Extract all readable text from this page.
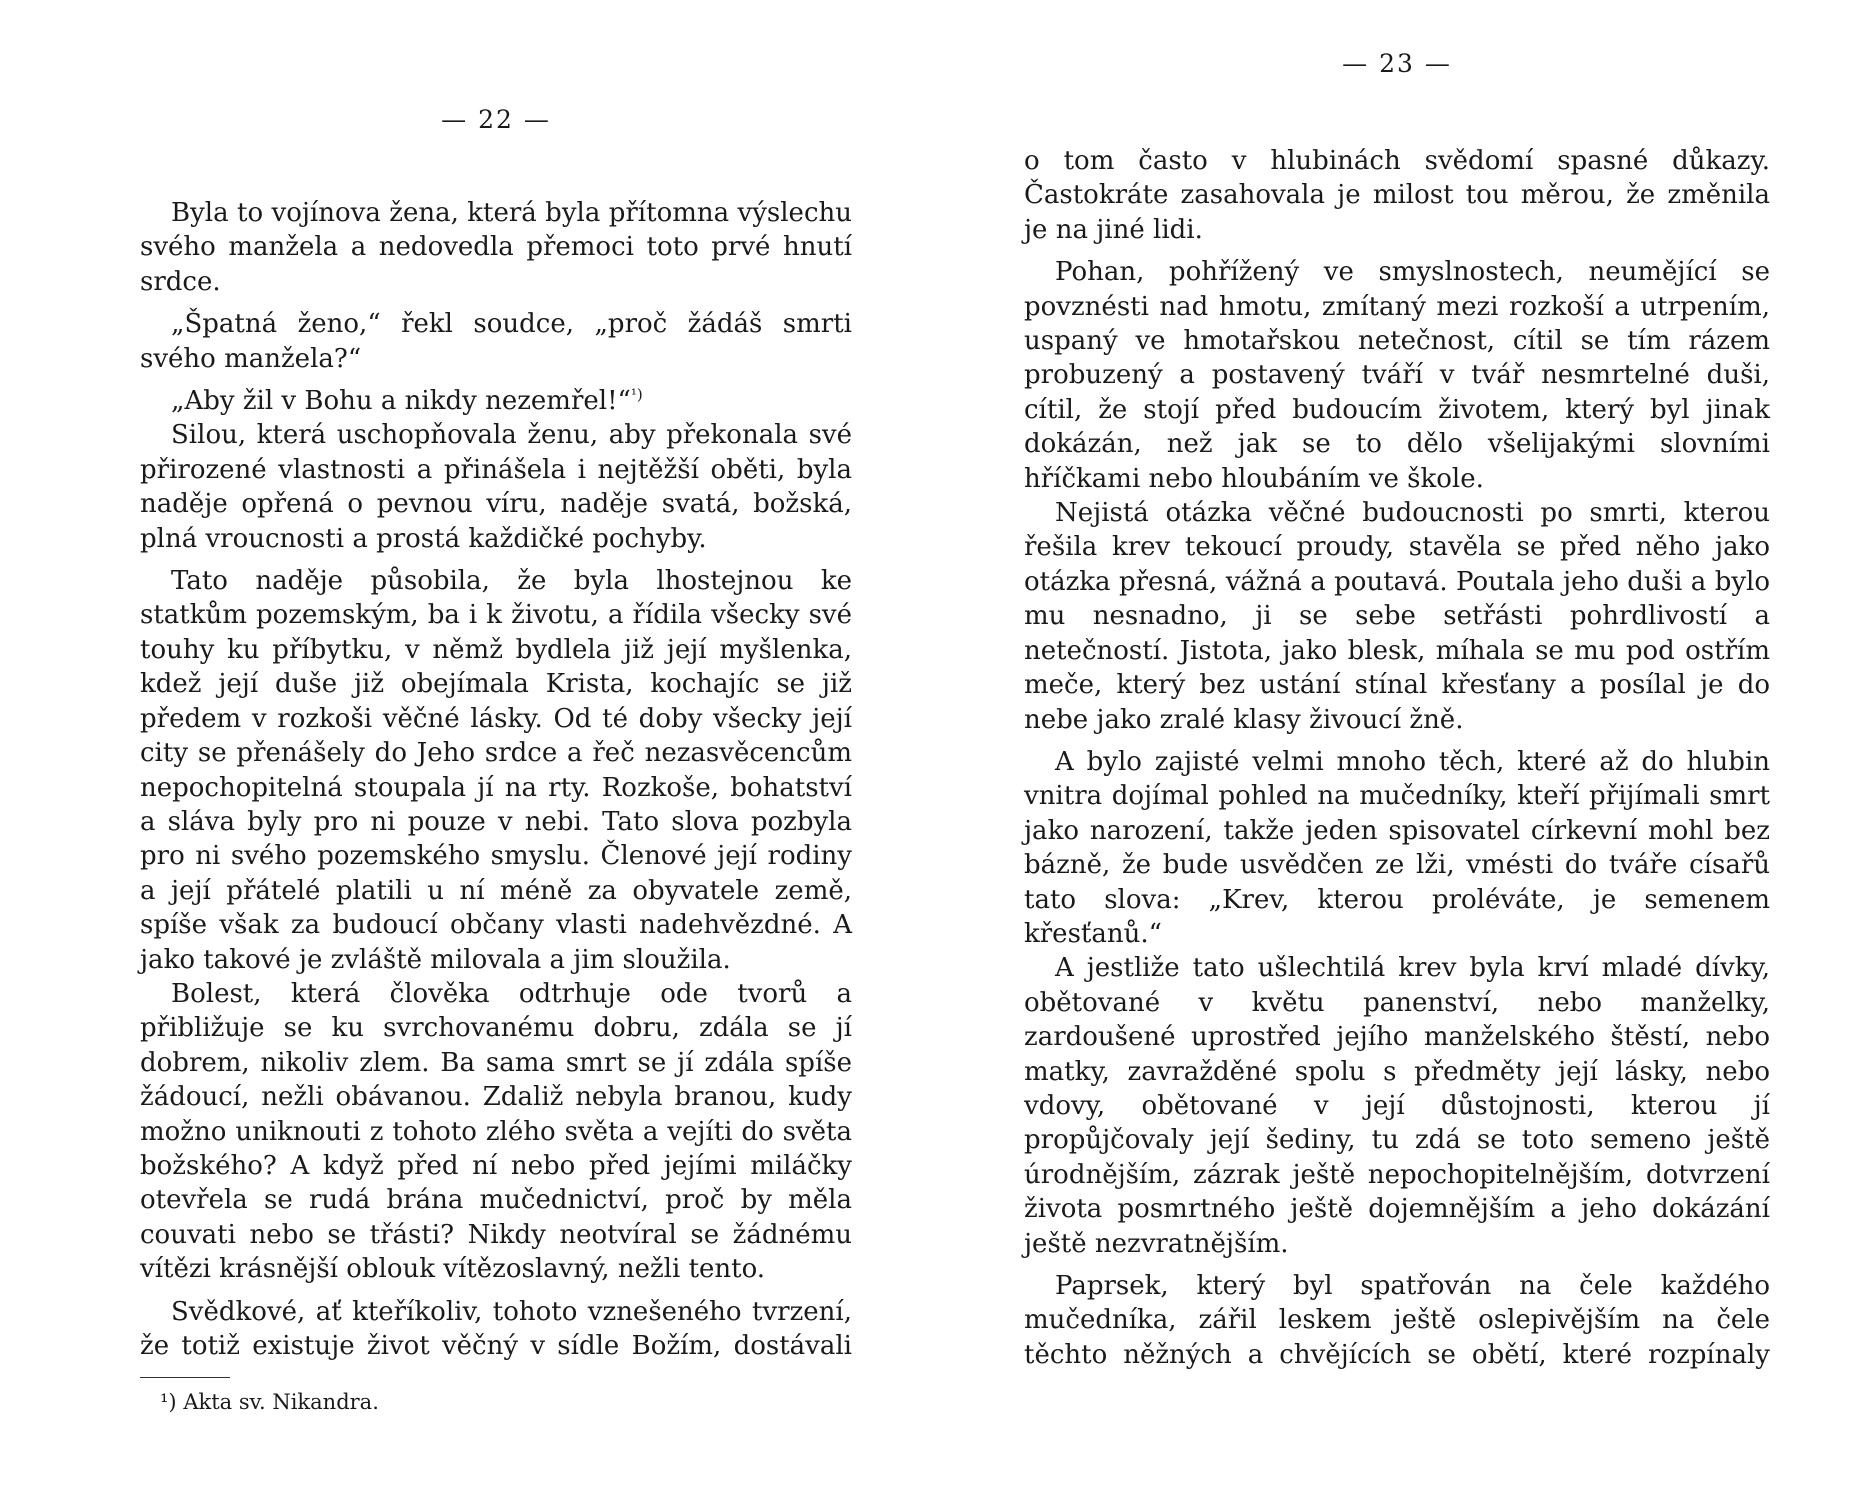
— 22 —

Byla to vojínova žena, která byla přítomna výslechu svého manžela a nedovedla přemoci toto prvé hnutí srdce.

„Špatná ženo,“ řekl soudce, „proč žádáš smrti svého manžela?“

„Aby žil v Bohu a nikdy nezemřel!“$^{^1)}$

Silou, která uschopňovala ženu, aby překonala své přirozené vlastnosti a přinášela i nejtěžší oběti, byla naděje opřená o pevnou víru, naděje svatá, božská, plná vroucnosti a prostá každičké pochyby.

Tato naděje působila, že byla lhostejnou ke statkům pozemským, ba i k životu, a řídila všecky své touhy ku příbytku, v němž bydlela již její myšlenka, kdež její duše již obejímala Krista, kochajíc se již předem v rozkoši věčné lásky. Od té doby všecky její city se přenášely do Jeho srdce a řeč nezasvěcencům nepochopitelná stoupala jí na rty. Rozkoše, bohatství a sláva byly pro ni pouze v nebi. Tato slova pozbyla pro ni svého pozemského smyslu. Členové její rodiny a její přátelé platili u ní méně za obyvatele země, spíše však za budoucí občany vlasti nadehvězdné. A jako takové je zvláště milovala a jim sloužila.

Bolest, která člověka odtrhuje ode tvorů a přibližuje se ku svrchovanému dobru, zdála se jí dobrem, nikoliv zlem. Ba sama smrt se jí zdála spíše žádoucí, nežli obávanou. Zdaliž nebyla branou, kudy možno uniknouti z tohoto zlého světa a vejíti do světa božského? A když před ní nebo před jejími miláčky otevřela se rudá brána mučednictví, proč by měla couvati nebo se třásti? Nikdy neotvíral se žádnému vítězi krásnější oblouk vítězoslavný, nežli tento.

Svědkové, ať kteříkoliv, tohoto vznešeného tvrzení, že totiž existuje život věčný v sídle Božím, dostávali

¹) Akta sv. Nikandra.
— 23 —

o tom často v hlubinách svědomí spasné důkazy. Častokráte zasahovala je milost tou měrou, že změnila je na jiné lidi.

Pohan, pohřížený ve smyslnostech, neumějící se povznésti nad hmotu, zmítaný mezi rozkoší a utrpením, uspaný ve hmotařskou netečnost, cítil se tím rázem probuzený a postavený tváří v tvář nesmrtelné duši, cítil, že stojí před budoucím životem, který byl jinak dokázán, než jak se to dělo všelijakými slovními hříčkami nebo hloubáním ve škole.

Nejistá otázka věčné budoucnosti po smrti, kterou řešila krev tekoucí proudy, stavěla se před něho jako otázka přesná, vážná a poutavá. Poutala jeho duši a bylo mu nesnadno, ji se sebe setřásti pohrdlivostí a netečností. Jistota, jako blesk, míhala se mu pod ostřím meče, který bez ustání stínal křesťany a posílal je do nebe jako zralé klasy živoucí žně.

A bylo zajisté velmi mnoho těch, které až do hlubin vnitra dojímal pohled na mučedníky, kteří přijímali smrt jako narození, takže jeden spisovatel církevní mohl bez bázně, že bude usvědčen ze lži, vmésti do tváře císařů tato slova: „Krev, kterou proléváte, je semenem křesťanů.“

A jestliže tato ušlechtilá krev byla krví mladé dívky, obětované v květu panenství, nebo manželky, zardoušené uprostřed jejího manželského štěstí, nebo matky, zavražděné spolu s předměty její lásky, nebo vdovy, obětované v její důstojnosti, kterou jí propůjčovaly její šediny, tu zdá se toto semeno ještě úrodnějším, zázrak ještě nepochopitelnějším, dotvrzení života posmrtného ještě dojemnějším a jeho dokázání ještě nezvratnějším.

Paprsek, který byl spatřován na čele každého mučedníka, zářil leskem ještě oslepivějším na čele těchto něžných a chvějících se obětí, které rozpínaly
